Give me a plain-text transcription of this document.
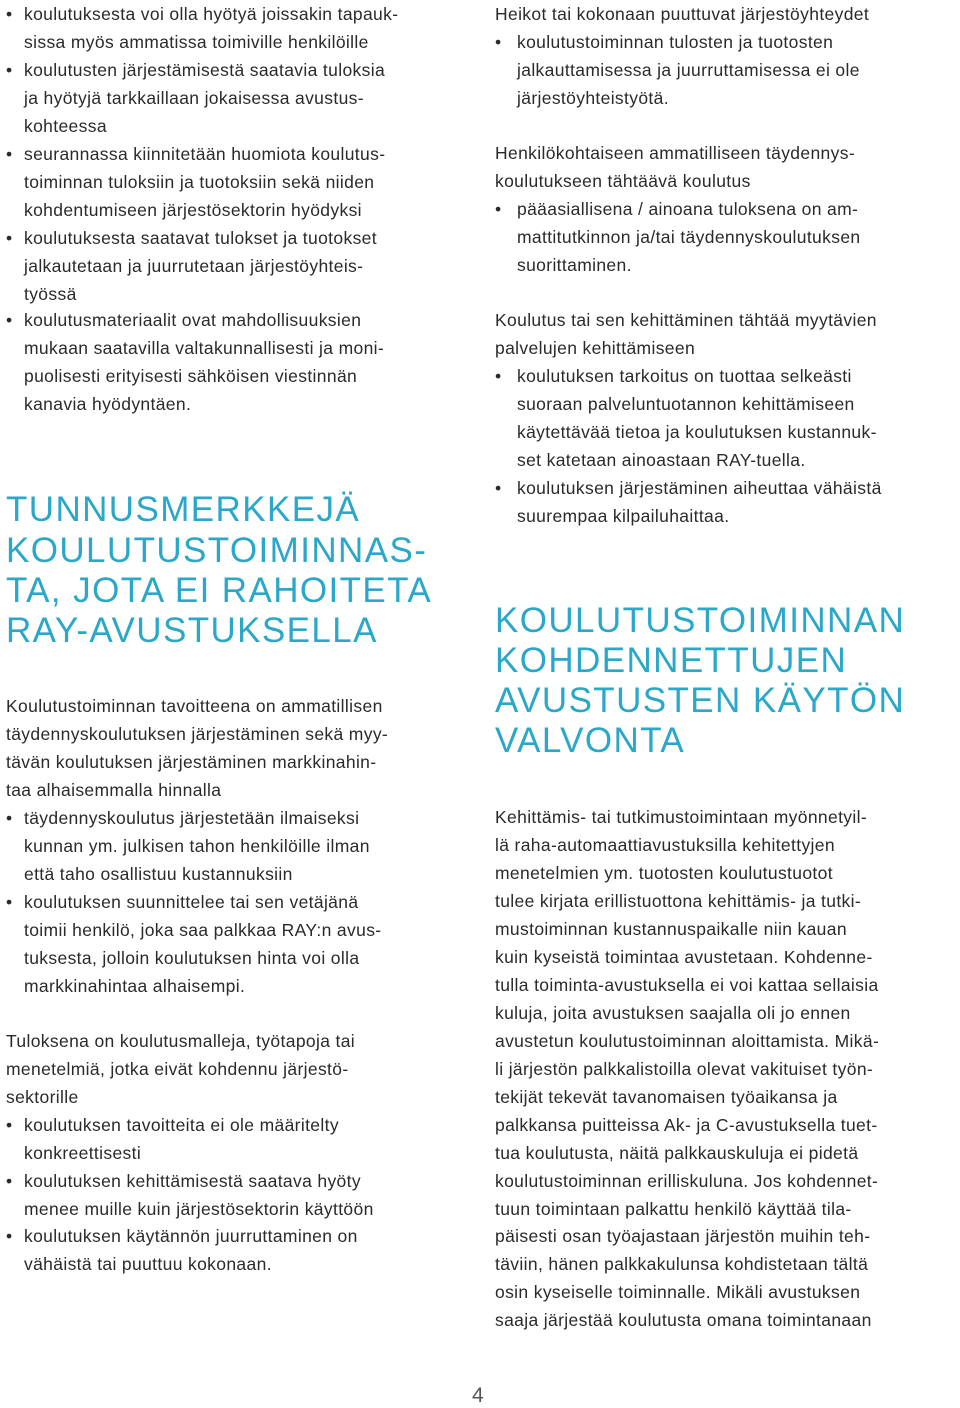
• koulutuksesta voi olla hyötyä joissakin tapauk-
sissa myös ammatissa toimiville henkilöille
• koulutusten järjestämisestä saatavia tuloksia
ja hyötyjä tarkkaillaan jokaisessa avustus-
kohteessa
• seurannassa kiinnitetään huomiota koulutus-
toiminnan tuloksiin ja tuotoksiin sekä niiden
kohdentumiseen järjestösektorin hyödyksi
• koulutuksesta saatavat tulokset ja tuotokset
jalkautetaan ja juurrutetaan järjestöyhteis-
työssä
• koulutusmateriaalit ovat mahdollisuuksien
mukaan saatavilla valtakunnallisesti ja moni-
puolisesti erityisesti sähköisen viestinnän
kanavia hyödyntäen.
TUNNUSMERKKEJÄ
KOULUTUSTOIMINNAS-
TA, JOTA EI RAHOITETA
RAY-AVUSTUKSELLA
Koulutustoiminnan tavoitteena on ammatillisen
täydennyskoulutuksen järjestäminen sekä myy-
tävän koulutuksen järjestäminen markkinahin-
taa alhaisemmalla hinnalla
• täydennyskoulutus järjestetään ilmaiseksi
kunnan ym. julkisen tahon henkilöille ilman
että taho osallistuu kustannuksiin
• koulutuksen suunnittelee tai sen vetäjänä
toimii henkilö, joka saa palkkaa RAY:n avus-
tuksesta, jolloin koulutuksen hinta voi olla
markkinahintaa alhaisempi.
Tuloksena on koulutusmalleja, työtapoja tai
menetelmiä, jotka eivät kohdennu järjestö-
sektorille
• koulutuksen tavoitteita ei ole määritelty
konkreettisesti
• koulutuksen kehittämisestä saatava hyöty
menee muille kuin järjestösektorin käyttöön
• koulutuksen käytännön juurruttaminen on
vähäistä tai puuttuu kokonaan.
Heikot tai kokonaan puuttuvat järjestöyhteydet
• koulutustoiminnan tulosten ja tuotosten
jalkauttamisessa ja juurruttamisessa ei ole
järjestöyhteistyötä.
Henkilökohtaiseen ammatilliseen täydennys-
koulutukseen tähtäävä koulutus
• pääasiallisena / ainoana tuloksena on am-
mattitutkinnon ja/tai täydennyskoulutuksen
suorittaminen.
Koulutus tai sen kehittäminen tähtää myytävien
palvelujen kehittämiseen
• koulutuksen tarkoitus on tuottaa selkeästi
suoraan palveluntuotannon kehittämiseen
käytettävää tietoa ja koulutuksen kustannuk-
set katetaan ainoastaan RAY-tuella.
• koulutuksen järjestäminen aiheuttaa vähäistä
suurempaa kilpailuhaittaa.
KOULUTUSTOIMINNAN
KOHDENNETTUJEN
AVUSTUSTEN KÄYTÖN
VALVONTA
Kehittämis- tai tutkimustoimintaan myönnetyil-
lä raha-automaattiavustuksilla kehitettyjen
menetelmien ym. tuotosten koulutustuotot
tulee kirjata erillistuottona kehittämis- ja tutki-
mustoiminnan kustannuspaikalle niin kauan
kuin kyseistä toimintaa avustetaan. Kohdenne-
tulla toiminta-avustuksella ei voi kattaa sellaisia
kuluja, joita avustuksen saajalla oli jo ennen
avustetun koulutustoiminnan aloittamista. Mikä-
li järjestön palkkalistoilla olevat vakituiset työn-
tekijät tekevät tavanomaisen työaikansa ja
palkkansa puitteissa Ak- ja C-avustuksella tuet-
tua koulutusta, näitä palkkauskuluja ei pidetä
koulutustoiminnan erilliskuluna. Jos kohdennet-
tuun toimintaan palkattu henkilö käyttää tila-
päisesti osan työajastaan järjestön muihin teh-
täviin, hänen palkkakulunsa kohdistetaan tältä
osin kyseiselle toiminnalle. Mikäli avustuksen
saaja järjestää koulutusta omana toimintanaan
4
